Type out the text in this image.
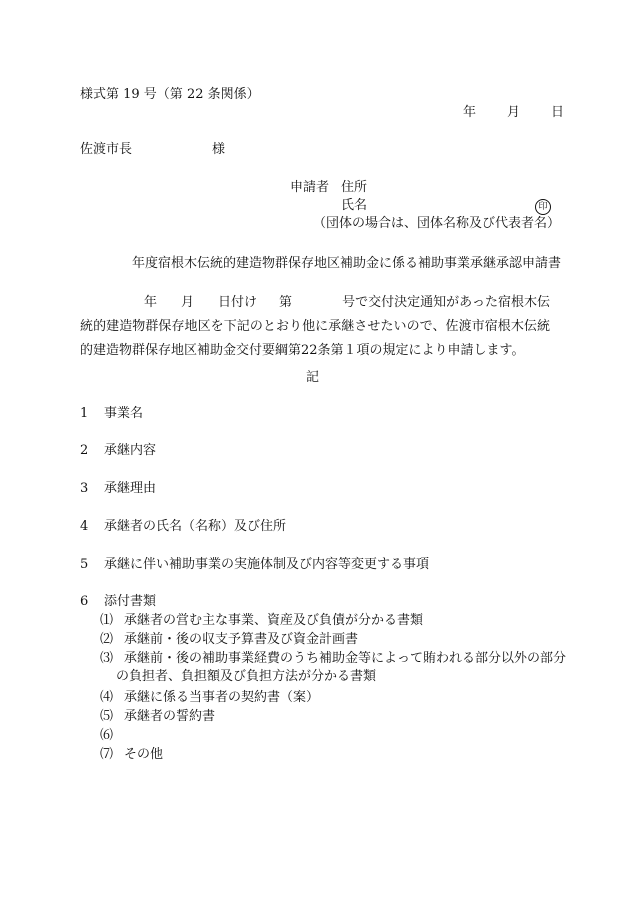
様式第 19 号（第 22 条関係）
年 月 日
佐渡市長	様
申請者 住所
氏名	印
（団体の場合は、団体名称及び代表者名）
年度宿根木伝統的建造物群保存地区補助金に係る補助事業承継承認申請書
年 月 日付け 第	号で交付決定通知があった宿根木伝統的建造物群保存地区を下記のとおり他に承継させたいので、佐渡市宿根木伝統的建造物群保存地区補助金交付要綱第22条第１項の規定により申請します。
記
1 事業名
2 承継内容
3 承継理由
4 承継者の氏名（名称）及び住所
5 承継に伴い補助事業の実施体制及び内容等変更する事項
6 添付書類
⑴ 承継者の営む主な事業、資産及び負債が分かる書類
⑵ 承継前・後の収支予算書及び資金計画書
⑶ 承継前・後の補助事業経費のうち補助金等によって賄われる部分以外の部分
の負担者、負担額及び負担方法が分かる書類
⑷ 承継に係る当事者の契約書（案）
⑸ 承継者の誓約書
⑹
⑺ その他
